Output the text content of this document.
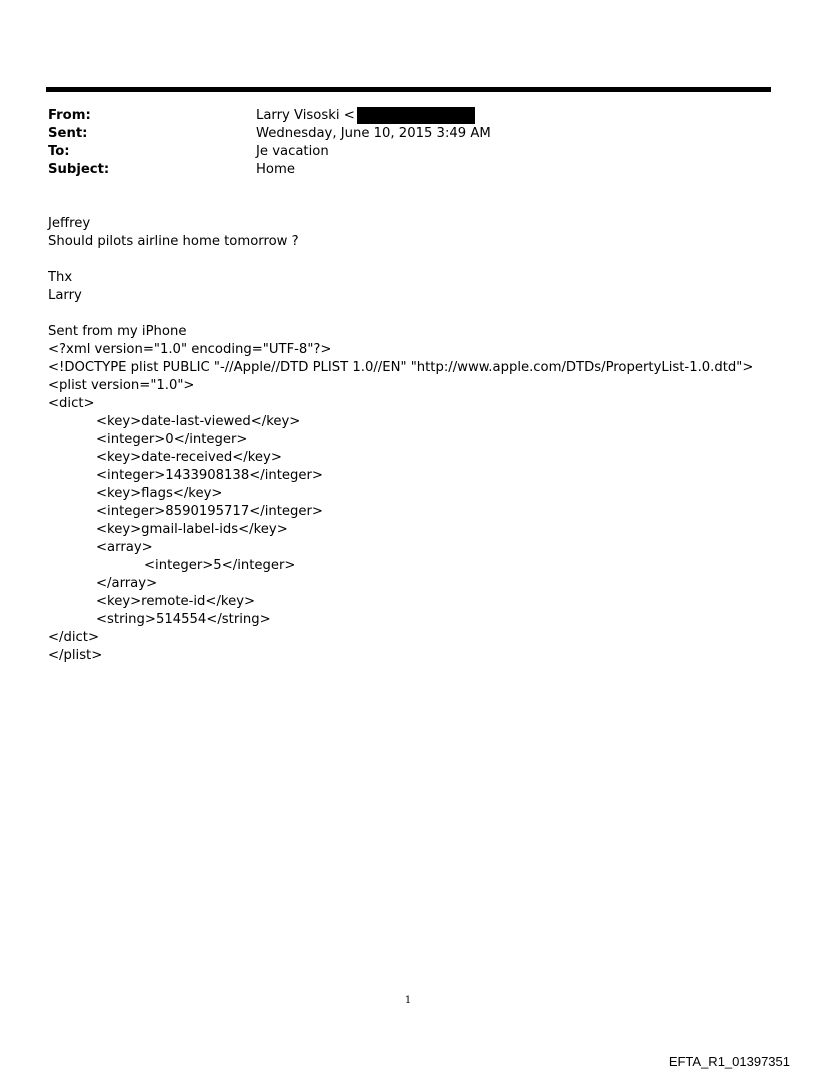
From:	Larry Visoski <
Sent:	Wednesday, June 10, 2015 3:49 AM
To:	Je vacation
Subject:	Home
Jeffrey
Should pilots airline home tomorrow ?
Thx
Larry
Sent from my iPhone
<?xml version="1.0" encoding="UTF-8"?>
<!DOCTYPE plist PUBLIC "-//Apple//DTD PLIST 1.0//EN" "http://www.apple.com/DTDs/PropertyList-1.0.dtd">
<plist version="1.0">
<dict>
<key>date-last-viewed</key>
<integer>0</integer>
<key>date-received</key>
<integer>1433908138</integer>
<key>flags</key>
<integer>8590195717</integer>
<key>gmail-label-ids</key>
<array>
<integer>5</integer>
</array>
<key>remote-id</key>
<string>514554</string>
</dict>
</plist>
1
EFTA_R1_01397351
